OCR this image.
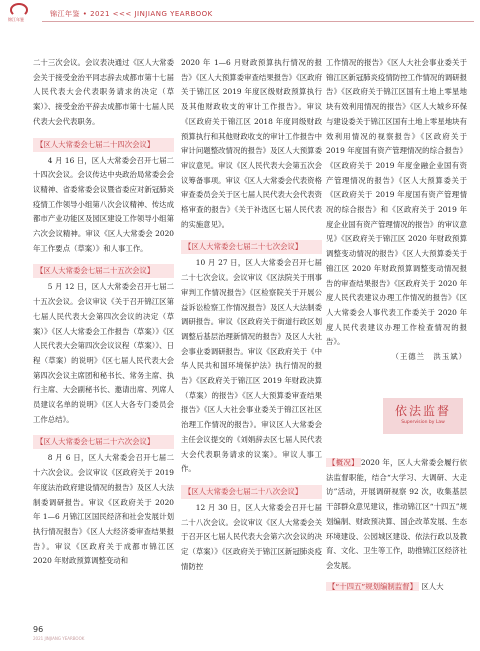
锦江年鉴
锦江年鉴 • 2021 <<< JINJIANG YEARBOOK

二十三次会议。会议表决通过《区人大常委会关于接受金治平同志辞去成都市第十七届人民代表大会代表职务请求的决定（草案）》、接受金治平辞去成都市第十七届人民代表大会代表职务。

【区人大常委会七届二十四次会议】

4 月 16 日，区人大常委会召开七届二十四次会议。会议传达中央政治局常委会会议精神、省委常委会议暨省委应对新冠肺炎疫情工作领导小组第八次会议精神、传达成都市产业功能区及园区建设工作领导小组第六次会议精神。审议《区人大常委会 2020 年工作要点（草案）》和人事工作。

【区人大常委会七届二十五次会议】

5 月 12 日，区人大常委会召开七届二十五次会议。会议审议《关于召开锦江区第七届人民代表大会第四次会议的决定（草案）》《区人大常委会工作报告（草案）》《区人民代表大会第四次会议议程（草案）》、日程（草案）的说明》《区七届人民代表大会第四次会议主席团和秘书长、常务主席、执行主席、大会副秘书长、邀请出席、列席人员建议名单的说明》《区人大各专门委员会工作总结》。

【区人大常委会七届二十六次会议】

8 月 6 日，区人大常委会召开七届二十六次会议。会议审议《区政府关于 2019 年度法治政府建设情况的报告》及区人大法制委调研报告。审议《区政府关于 2020 年 1—6 月锦江区国民经济和社会发展计划执行情况报告》《区人大经济委审查结果报告》。审议《区政府关于成都市锦江区 2020 年财政预算调整变动和

2020 年 1—6 月财政预算执行情况的报告》《区人大预算委审查结果报告》《区政府关于锦江区 2019 年度区级财政预算执行及其他财政收支的审计工作报告》。审议《区政府关于锦江区 2018 年度同级财政预算执行和其他财政收支的审计工作报告中审计问题整改情况的报告》及区人大预算委审议意见。审议《区人民代表大会第五次会议筹备事项。审议《区人大常委会代表资格审查委员会关于区七届人民代表大会代表资格审查的报告》《关于补选区七届人民代表的实施意见》。

【区人大常委会七届二十七次会议】

10 月 27 日，区人大常委会召开七届二十七次会议。会议审议《区法院关于刑事审判工作情况报告》《区检察院关于开展公益诉讼检察工作情况报告》及区人大法制委调研报告。审议《区政府关于街道行政区划调整后基层治理新情况的报告》及区人大社会事业委调研报告。审议《区政府关于《中华人民共和国环境保护法》执行情况的报告》《区政府关于锦江区 2019 年财政决算（草案）的报告》《区人大预算委审查结果报告》《区人大社会事业委关于锦江区社区治理工作情况的报告》。审议区人大常委会主任会议提交的《刘娟辞去区七届人民代表大会代表职务请求的议案》。审议人事工作。

【区人大常委会七届二十八次会议】

12 月 30 日，区人大常委会召开七届二十八次会议。会议审议《区人大常委会关于召开区七届人民代表大会第六次会议的决定（草案）》《区政府关于锦江区新冠肺炎疫情防控

工作情况的报告》《区人大社会事业委关于锦江区新冠肺炎疫情防控工作情况的调研报告》《区政府关于锦江区国有土地上零星地块有效利用情况的报告》《区人大城乡环保与建设委关于锦江区国有土地上零星地块有效利用情况的视察报告》《区政府关于 2019 年度国有资产管理情况的综合报告》《区政府关于 2019 年度金融企业国有资产管理情况的报告》《区人大预算委关于《区政府关于 2019 年度国有资产管理情况的综合报告》和《区政府关于 2019 年度企业国有资产管理情况的报告》的审议意见》《区政府关于锦江区 2020 年财政预算调整变动情况的报告》《区人大预算委关于锦江区 2020 年财政预算调整变动情况报告的审查结果报告》《区政府关于 2020 年度人民代表建议办理工作情况的报告》《区人大常委会人事代表工作委关于 2020 年度人民代表建议办理工作检查情况的报告》。

（王德兰　洪玉斌）

依法监督
Supervision by Law

【概况】 2020 年，区人大常委会履行依法监督职能，结合“大学习、大调研、大走访”活动，开展调研视察 92 次，收集基层干部群众意见建议，推动锦江区“十四五”规划编制、财政预决算、国企改革发展、生态环境建设、公园城区建设、依法行政以及教育、文化、卫生等工作，助推锦江区经济社会发展。

【“十四五”规划编制监督】 区人大

96
2021 JINJIANG YEARBOOK
